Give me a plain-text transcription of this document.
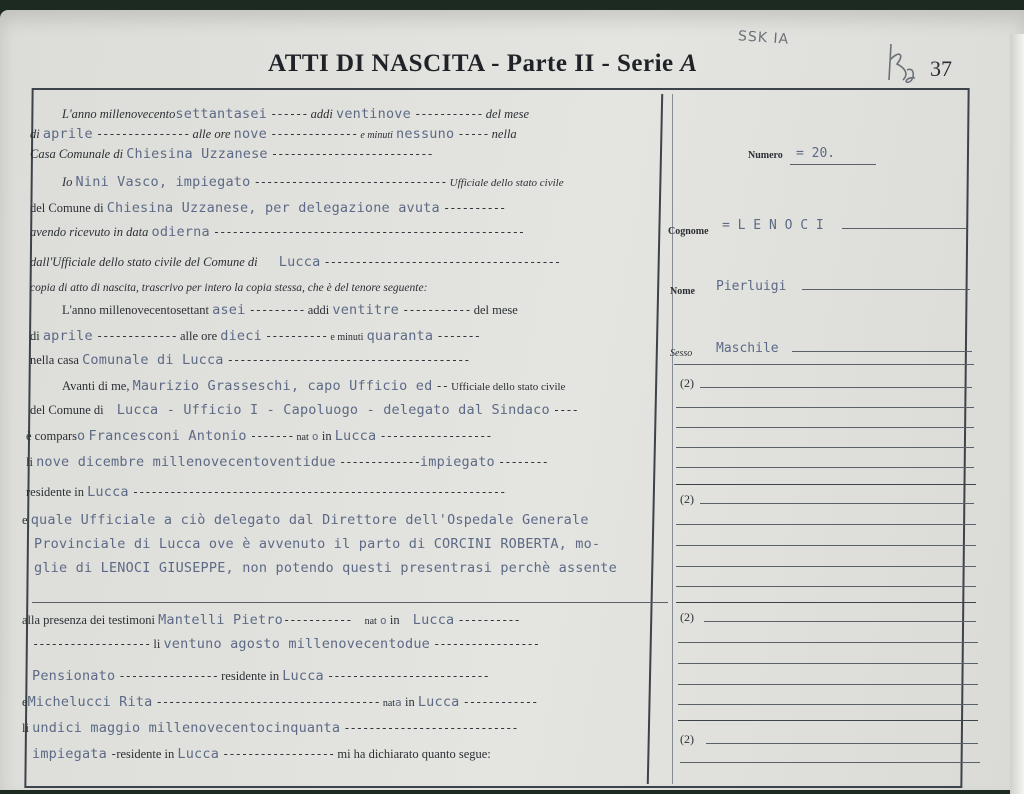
ATTI DI NASCITA - Parte II - Serie A
SSK IA
37
L'anno millenovecentosettantasei ------ addi ventinove ----------- del mese
di aprile --------------- alle ore nove -------------- e minuti nessuno ----- nella
Casa Comunale di Chiesina Uzzanese --------------------------
Io Nini Vasco, impiegato ------------------------------- Ufficiale dello stato civile
del Comune di Chiesina Uzzanese, per delegazione avuta ----------
avendo ricevuto in data odierna --------------------------------------------------
dall'Ufficiale dello stato civile del Comune di Lucca --------------------------------------
copia di atto di nascita, trascrivo per intero la copia stessa, che è del tenore seguente:
L'anno millenovecentosettant asei --------- addi ventitre ----------- del mese
di aprile ------------- alle ore dieci ---------- e minuti quaranta -------
nella casa Comunale di Lucca ---------------------------------------
Avanti di me, Maurizio Grasseschi, capo Ufficio ed -- Ufficiale dello stato civile
del Comune di Lucca - Ufficio I - Capoluogo - delegato dal Sindaco ----
è comparso Francesconi Antonio ------- nat o in Lucca ------------------
li nove dicembre millenovecentoventidue -------------impiegato --------
residente in Lucca ------------------------------------------------------------
e quale Ufficiale a ciò delegato dal Direttore dell'Ospedale Generale
Provinciale di Lucca ove è avvenuto il parto di CORCINI ROBERTA, mo-
glie di LENOCI GIUSEPPE, non potendo questi presentrasi perchè assente
alla presenza dei testimoni Mantelli Pietro----------- nat o in Lucca ----------
------------------- li ventuno agosto millenovecentodue -----------------
Pensionato ---------------- residente in Lucca --------------------------
eMichelucci Rita ------------------------------------ nata in Lucca ------------
li undici maggio millenovecentocinquanta ----------------------------
impiegata -residente in Lucca ------------------ mi ha dichiarato quanto segue:
Numero = 20.
Cognome = L E N O C I
Nome Pierluigi
Sesso Maschile
(2)
(2)
(2)
(2)
